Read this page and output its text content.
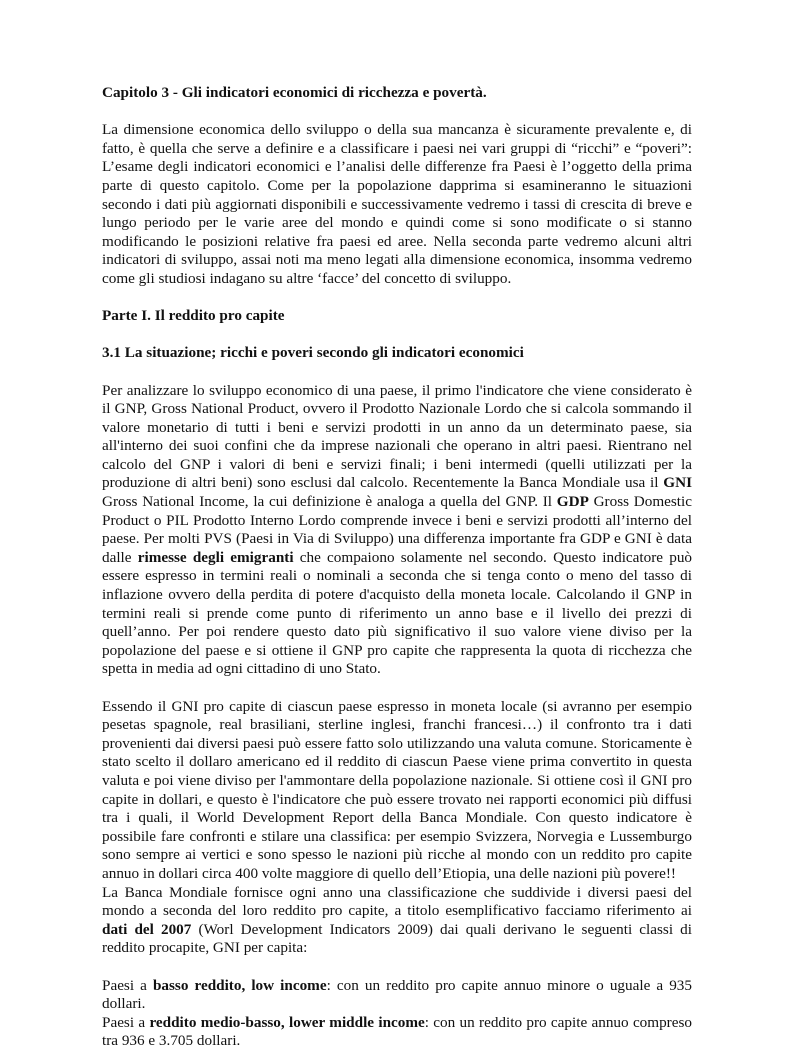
Capitolo 3 - Gli indicatori economici di ricchezza e povertà.

La dimensione economica dello sviluppo o della sua mancanza è sicuramente prevalente e, di fatto, è quella che serve a definire e a classificare i paesi nei vari gruppi di “ricchi” e “poveri”: L’esame degli indicatori economici e l’analisi delle differenze fra Paesi è l’oggetto della prima parte di questo capitolo. Come per la popolazione dapprima si esamineranno le situazioni secondo i dati più aggiornati disponibili e successivamente vedremo i tassi di crescita di breve e lungo periodo per le varie aree del mondo e quindi come si sono modificate o si stanno modificando le posizioni relative fra paesi ed aree. Nella seconda parte vedremo alcuni altri indicatori di sviluppo, assai noti ma meno legati alla dimensione economica, insomma vedremo come gli studiosi indagano su altre ‘facce’ del concetto di sviluppo.

Parte I. Il reddito pro capite

3.1 La situazione; ricchi e poveri secondo gli indicatori economici

Per analizzare lo sviluppo economico di una paese, il primo l'indicatore che viene considerato è il GNP, Gross National Product, ovvero il Prodotto Nazionale Lordo che si calcola sommando il valore monetario di tutti i beni e servizi prodotti in un anno da un determinato paese, sia all'interno dei suoi confini che da imprese nazionali che operano in altri paesi. Rientrano nel calcolo del GNP i valori di beni e servizi finali; i beni intermedi (quelli utilizzati per la produzione di altri beni) sono esclusi dal calcolo. Recentemente la Banca Mondiale usa il GNI Gross National Income, la cui definizione è analoga a quella del GNP. Il GDP Gross Domestic Product o PIL Prodotto Interno Lordo comprende invece i beni e servizi prodotti all’interno del paese. Per molti PVS (Paesi in Via di Sviluppo) una differenza importante fra GDP e GNI è data dalle rimesse degli emigranti che compaiono solamente nel secondo. Questo indicatore può essere espresso in termini reali o nominali a seconda che si tenga conto o meno del tasso di inflazione ovvero della perdita di potere d'acquisto della moneta locale. Calcolando il GNP in termini reali si prende come punto di riferimento un anno base e il livello dei prezzi di quell’anno. Per poi rendere questo dato più significativo il suo valore viene diviso per la popolazione del paese e si ottiene il GNP pro capite che rappresenta la quota di ricchezza che spetta in media ad ogni cittadino di uno Stato.

Essendo il GNI pro capite di ciascun paese espresso in moneta locale (si avranno per esempio pesetas spagnole, real brasiliani, sterline inglesi, franchi francesi…) il confronto tra i dati provenienti dai diversi paesi può essere fatto solo utilizzando una valuta comune. Storicamente è stato scelto il dollaro americano ed il reddito di ciascun Paese viene prima convertito in questa valuta e poi viene diviso per l'ammontare della popolazione nazionale. Si ottiene così il GNI pro capite in dollari, e questo è l'indicatore che può essere trovato nei rapporti economici più diffusi tra i quali, il World Development Report della Banca Mondiale. Con questo indicatore è possibile fare confronti e stilare una classifica: per esempio Svizzera, Norvegia e Lussemburgo sono sempre ai vertici e sono spesso le nazioni più ricche al mondo con un reddito pro capite annuo in dollari circa 400 volte maggiore di quello dell’Etiopia, una delle nazioni più povere!!

La Banca Mondiale fornisce ogni anno una classificazione che suddivide i diversi paesi del mondo a seconda del loro reddito pro capite, a titolo esemplificativo facciamo riferimento ai dati del 2007 (Worl Development Indicators 2009) dai quali derivano le seguenti classi di reddito procapite, GNI per capita:

Paesi a basso reddito, low income: con un reddito pro capite annuo minore o uguale a 935 dollari.

Paesi a reddito medio-basso, lower middle income: con un reddito pro capite annuo compreso tra 936 e 3.705 dollari.
